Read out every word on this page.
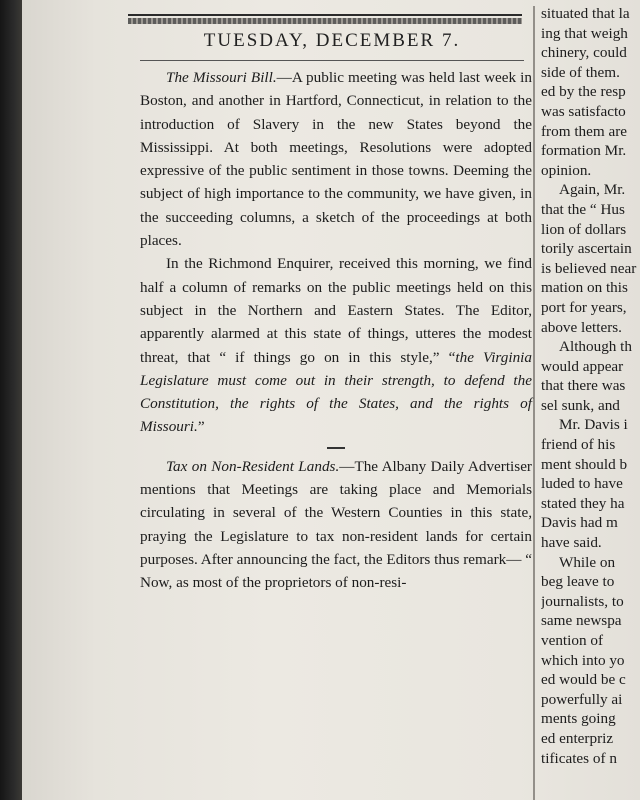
TUESDAY, DECEMBER 7.

The Missouri Bill.—A public meeting was held last week in Boston, and another in Hartford, Connecticut, in relation to the introduction of Slavery in the new States beyond the Mississippi. At both meetings, Resolutions were adopted expressive of the public sentiment in those towns. Deeming the subject of high importance to the community, we have given, in the succeeding columns, a sketch of the proceedings at both places.

In the Richmond Enquirer, received this morning, we find half a column of remarks on the public meetings held on this subject in the Northern and Eastern States. The Editor, apparently alarmed at this state of things, utteres the modest threat, that “ if things go on in this style,” “the Virginia Legislature must come out in their strength, to defend the Constitution, the rights of the States, and the rights of Missouri.”

Tax on Non-Resident Lands.—The Albany Daily Advertiser mentions that Meetings are taking place and Memorials circulating in several of the Western Counties in this state, praying the Legislature to tax non-resident lands for certain purposes. After announcing the fact, the Editors thus remark— “ Now, as most of the proprietors of non-resi-

situated that la
ing that weigh
chinery, could
side of them.
ed by the resp
was satisfacto
from them are
formation Mr.
opinion.
Again, Mr.
that the “ Hus
lion of dollars
torily ascertain
is believed near
mation on this
port for years,
above letters.
Although th
would appear
that there was
sel sunk, and
Mr. Davis i
friend of his
ment should b
luded to have
stated they ha
Davis had m
have said.
While on
beg leave to
journalists, to
same newspa
vention of
which into yo
ed would be c
powerfully ai
ments going
ed enterpriz
tificates of n
